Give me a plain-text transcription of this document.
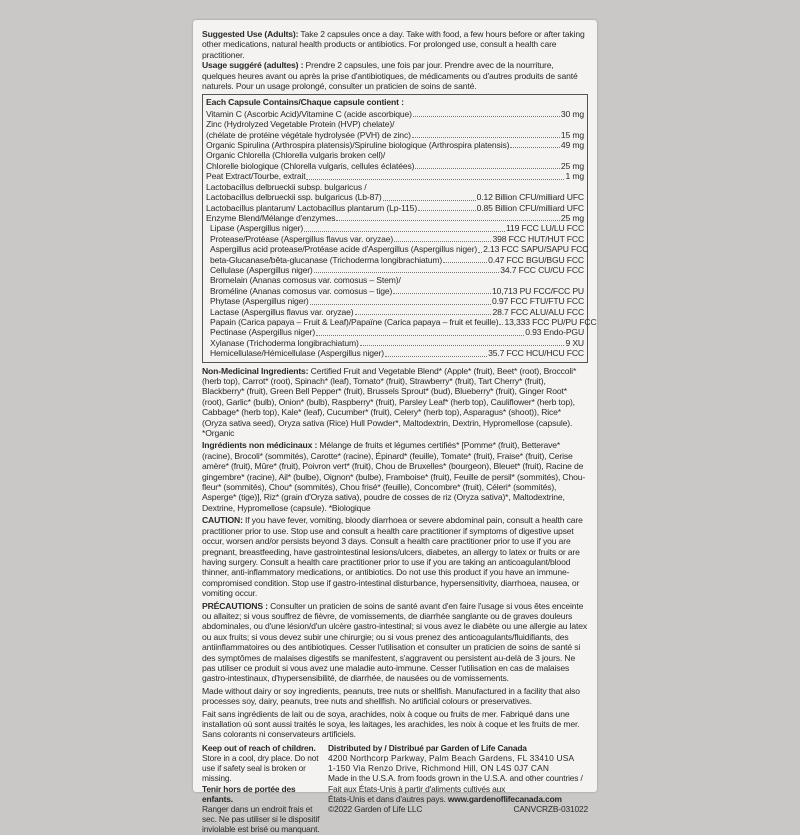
Suggested Use (Adults): Take 2 capsules once a day. Take with food, a few hours before or after taking other medications, natural health products or antibiotics. For prolonged use, consult a health care practitioner.

Usage suggéré (adultes) : Prendre 2 capsules, une fois par jour. Prendre avec de la nourriture, quelques heures avant ou après la prise d'antibiotiques, de médicaments ou d'autres produits de santé naturels. Pour un usage prolongé, consulter un praticien de soins de santé.

Each Capsule Contains/Chaque capsule contient :
Vitamin C (Ascorbic Acid)/Vitamine C (acide ascorbique)	30 mg
Zinc (Hydrolyzed Vegetable Protein (HVP) chelate)/
(chélate de protéine végétale hydrolysée (PVH) de zinc)	15 mg
Organic Spirulina (Arthrospira platensis)/Spiruline biologique (Arthrospira platensis)	49 mg
Organic Chlorella (Chlorella vulgaris broken cell)/
Chlorelle biologique (Chlorella vulgaris, cellules éclatées)	25 mg
Peat Extract/Tourbe, extrait	1 mg
Lactobacillus delbrueckii subsp. bulgaricus /
Lactobacillus delbrueckii ssp. bulgaricus (Lb-87)	0.12 Billion CFU/milliard UFC
Lactobacillus plantarum/ Lactobacillus plantarum (Lp-115)	0.85 Billion CFU/milliard UFC
Enzyme Blend/Mélange d'enzymes	25 mg
Lipase (Aspergillus niger)	119 FCC LU/LU FCC
Protease/Protéase (Aspergillus flavus var. oryzae)	398 FCC HUT/HUT FCC
Aspergillus acid protease/Protéase acide d'Aspergillus (Aspergillus niger) 2.13 FCC SAPU/SAPU FCC
beta-Glucanase/bêta-glucanase (Trichoderma longibrachiatum)	0.47 FCC BGU/BGU FCC
Cellulase (Aspergillus niger)	34.7 FCC CU/CU FCC
Bromelain (Ananas comosus var. comosus – Stem)/
Broméline (Ananas comosus var. comosus – tige)	10,713 PU FCC/FCC PU
Phytase (Aspergillus niger)	0.97 FCC FTU/FTU FCC
Lactase (Aspergillus flavus var. oryzae)	28.7 FCC ALU/ALU FCC
Papain (Carica papaya – Fruit & Leaf)/Papaïne (Carica papaya – fruit et feuille) 13,333 FCC PU/PU FCC
Pectinase (Aspergillus niger)	0.93 Endo-PGU
Xylanase (Trichoderma longibrachiatum)	9 XU
Hemicellulase/Hémicellulase (Aspergillus niger)	35.7 FCC HCU/HCU FCC

Non-Medicinal Ingredients: Certified Fruit and Vegetable Blend* (Apple* (fruit), Beet* (root), Broccoli* (herb top), Carrot* (root), Spinach* (leaf), Tomato* (fruit), Strawberry* (fruit), Tart Cherry* (fruit), Blackberry* (fruit), Green Bell Pepper* (fruit), Brussels Sprout* (bud), Blueberry* (fruit), Ginger Root* (root), Garlic* (bulb), Onion* (bulb), Raspberry* (fruit), Parsley Leaf* (herb top), Cauliflower* (herb top), Cabbage* (herb top), Kale* (leaf), Cucumber* (fruit), Celery* (herb top), Asparagus* (shoot)), Rice* (Oryza sativa seed), Oryza sativa (Rice) Hull Powder*, Maltodextrin, Dextrin, Hypromellose (capsule). *Organic

Ingrédients non médicinaux : Mélange de fruits et légumes certifiés* [Pomme* (fruit), Betterave* (racine), Brocoli* (sommités), Carotte* (racine), Épinard* (feuille), Tomate* (fruit), Fraise* (fruit), Cerise amère* (fruit), Mûre* (fruit), Poivron vert* (fruit), Chou de Bruxelles* (bourgeon), Bleuet* (fruit), Racine de gingembre* (racine), Ail* (bulbe), Oignon* (bulbe), Framboise* (fruit), Feuille de persil* (sommités), Chou-fleur* (sommités), Chou* (sommités), Chou frisé* (feuille), Concombre* (fruit), Céleri* (sommités), Asperge* (tige)], Riz* (grain d'Oryza sativa), poudre de cosses de riz (Oryza sativa)*, Maltodextrine, Dextrine, Hypromellose (capsule). *Biologique

CAUTION: If you have fever, vomiting, bloody diarrhoea or severe abdominal pain, consult a health care practitioner prior to use. Stop use and consult a health care practitioner if symptoms of digestive upset occur, worsen and/or persists beyond 3 days. Consult a health care practitioner prior to use if you are pregnant, breastfeeding, have gastrointestinal lesions/ulcers, diabetes, an allergy to latex or fruits or are having surgery. Consult a health care practitioner prior to use if you are taking an anticoagulant/blood thinner, anti-inflammatory medications, or antibiotics. Do not use this product if you have an immune-compromised condition. Stop use if gastro-intestinal disturbance, hypersensitivity, diarrhoea, nausea, or vomiting occur.

PRÉCAUTIONS : Consulter un praticien de soins de santé avant d'en faire l'usage si vous êtes enceinte ou allaitez; si vous souffrez de fièvre, de vomissements, de diarrhée sanglante ou de graves douleurs abdominales, ou d'une lésion/d'un ulcère gastro-intestinal; si vous avez le diabète ou une allergie au latex ou aux fruits; si vous devez subir une chirurgie; ou si vous prenez des anticoagulants/fluidifiants, des antiinflammatoires ou des antibiotiques. Cesser l'utilisation et consulter un praticien de soins de santé si des symptômes de malaises digestifs se manifestent, s'aggravent ou persistent au-delà de 3 jours. Ne pas utiliser ce produit si vous avez une maladie auto-immune. Cesser l'utilisation en cas de malaises gastro-intestinaux, d'hypersensibilité, de diarrhée, de nausées ou de vomissements.

Made without dairy or soy ingredients, peanuts, tree nuts or shellfish. Manufactured in a facility that also processes soy, dairy, peanuts, tree nuts and shellfish. No artificial colours or preservatives.

Fait sans ingrédients de lait ou de soya, arachides, noix à coque ou fruits de mer. Fabriqué dans une installation où sont aussi traités le soya, les laitages, les arachides, les noix à coque et les fruits de mer. Sans colorants ni conservateurs artificiels.

Keep out of reach of children.

Store in a cool, dry place. Do not use if safety seal is broken or missing.

Tenir hors de portée des enfants.

Ranger dans un endroit frais et sec. Ne pas utiliser si le dispositif inviolable est brisé ou manquant.

Distributed by / Distribué par Garden of Life Canada

4200 Northcorp Parkway, Palm Beach Gardens, FL 33410 USA

1-150 Via Renzo Drive, Richmond Hill, ON L4S 0J7 CAN

Made in the U.S.A. from foods grown in the U.S.A. and other countries / Fait aux États-Unis à partir d'aliments cultivés aux

États-Unis et dans d'autres pays. www.gardenoflifecanada.com

©2022 Garden of Life LLC	CANVCRZB-031022
